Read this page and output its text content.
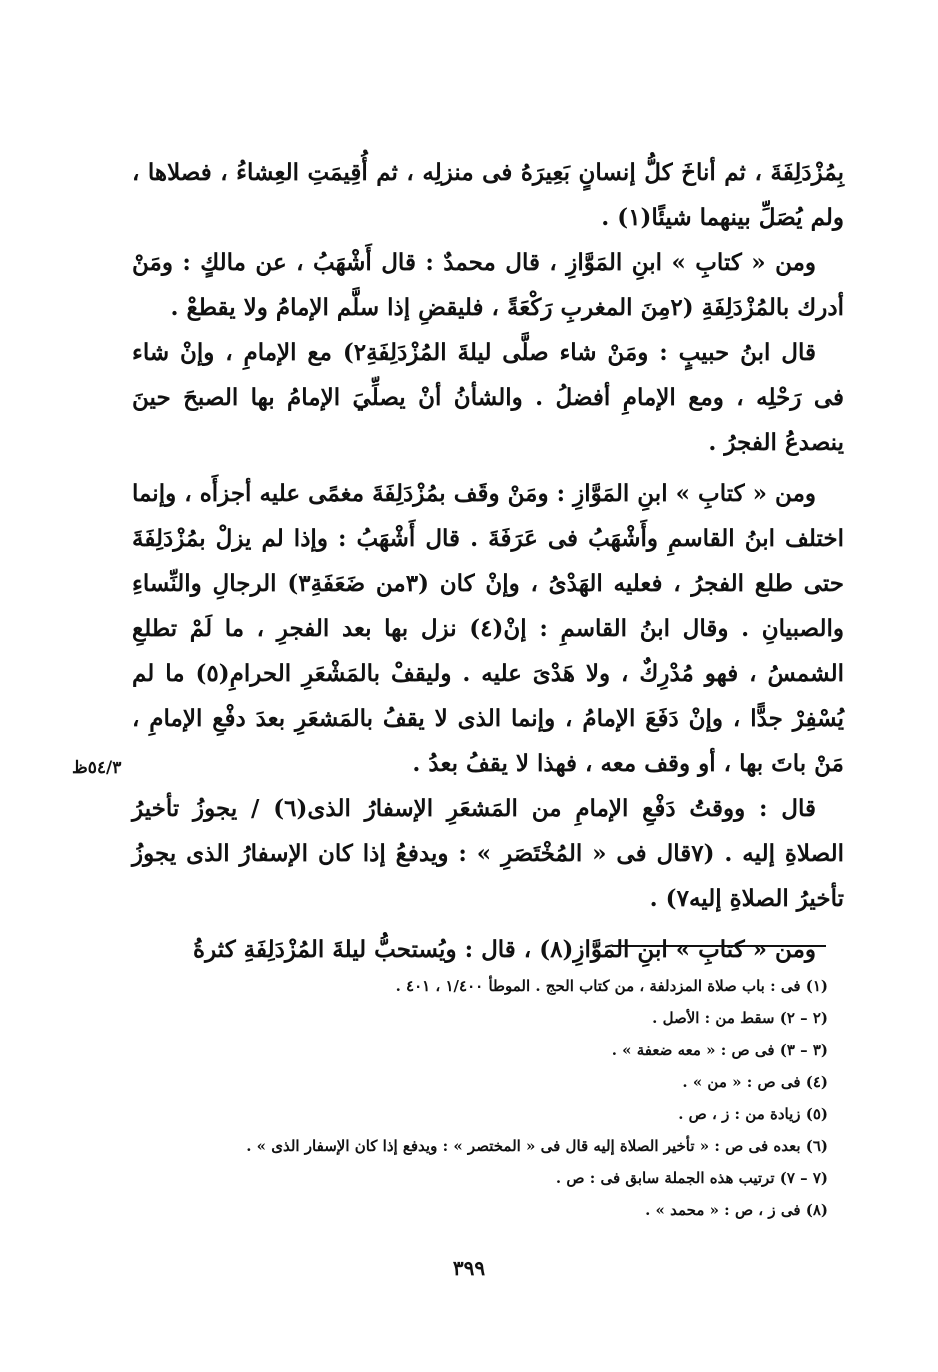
بِمُزْدَلِفَةَ ، ثم أناخَ كلُّ إنسانٍ بَعِيرَهُ فى منزلِه ، ثم أُقِيمَتِ العِشاءُ ، فصلاها ، ولم يُصَلِّ بينهما شيئًا(١) .

ومن « كتابِ » ابنِ المَوَّازِ ، قال محمدٌ : قال أَشْهَبُ ، عن مالكٍ : ومَنْ أدرك بالمُزْدَلِفَةِ (٢مِنَ المغربِ رَكْعَةً ، فليقضِ إذا سلَّم الإمامُ ولا يقطعْ .

قال ابنُ حبيبٍ : ومَنْ شاء صلَّى ليلةَ المُزْدَلِفَةِ٢) مع الإمامِ ، وإنْ شاء فى رَحْلِه ، ومع الإمامِ أفضلُ . والشأنُ أنْ يصلِّيَ الإمامُ بها الصبحَ حينَ ينصدعُ الفجرُ .

ومن « كتابِ » ابنِ المَوَّازِ : ومَنْ وقَف بمُزْدَلِفَةَ مغمًى عليه أجزأَه ، وإنما اختلف ابنُ القاسمِ وأَشْهَبُ فى عَرَفَةَ . قال أَشْهَبُ : وإذا لم يزلْ بمُزْدَلِفَةَ حتى طلع الفجرُ ، فعليه الهَدْىُ ، وإنْ كان (٣من ضَعَفَةِ٣) الرجالِ والنِّساءِ والصبيانِ . وقال ابنُ القاسمِ : إنْ(٤) نزل بها بعد الفجرِ ، ما لَمْ تطلعِ الشمسُ ، فهو مُدْرِكٌ ، ولا هَدْىَ عليه . وليقفْ بالمَشْعَرِ الحرامِ(٥) ما لم يُسْفِرْ جدًّا ، وإنْ دَفَعَ الإمامُ ، وإنما الذى لا يقفُ بالمَشعَرِ بعدَ دفْعِ الإمامِ ، مَنْ باتَ بها ، أو وقف معه ، فهذا لا يقفُ بعدُ .

قال : ووقتُ دَفْعِ الإمامِ من المَشعَرِ الإسفارُ الذى(٦) / يجوزُ تأخيرُ الصلاةِ إليه . (٧قال فى « المُخْتَصَرِ » : ويدفعُ إذا كان الإسفارُ الذى يجوزُ تأخيرُ الصلاةِ إليه٧) .

ومن « كتابِ » ابنِ المَوَّازِ(٨) ، قال : ويُستحبُّ ليلةَ المُزْدَلِفَةِ كثرةُ

٥٤/٣ظ

(١) فى : باب صلاة المزدلفة ، من كتاب الحج . الموطأ ١/٤٠٠ ، ٤٠١ .

(٢ – ٢) سقط من : الأصل .

(٣ – ٣) فى ص : « معه ضعفة » .

(٤) فى ص : « من » .

(٥) زيادة من : ز ، ص .

(٦) بعده فى ص : « تأخير الصلاة إليه قال فى « المختصر » : ويدفع إذا كان الإسفار الذى » .

(٧ – ٧) ترتيب هذه الجملة سابق فى : ص .

(٨) فى ز ، ص : « محمد » .

٣٩٩
